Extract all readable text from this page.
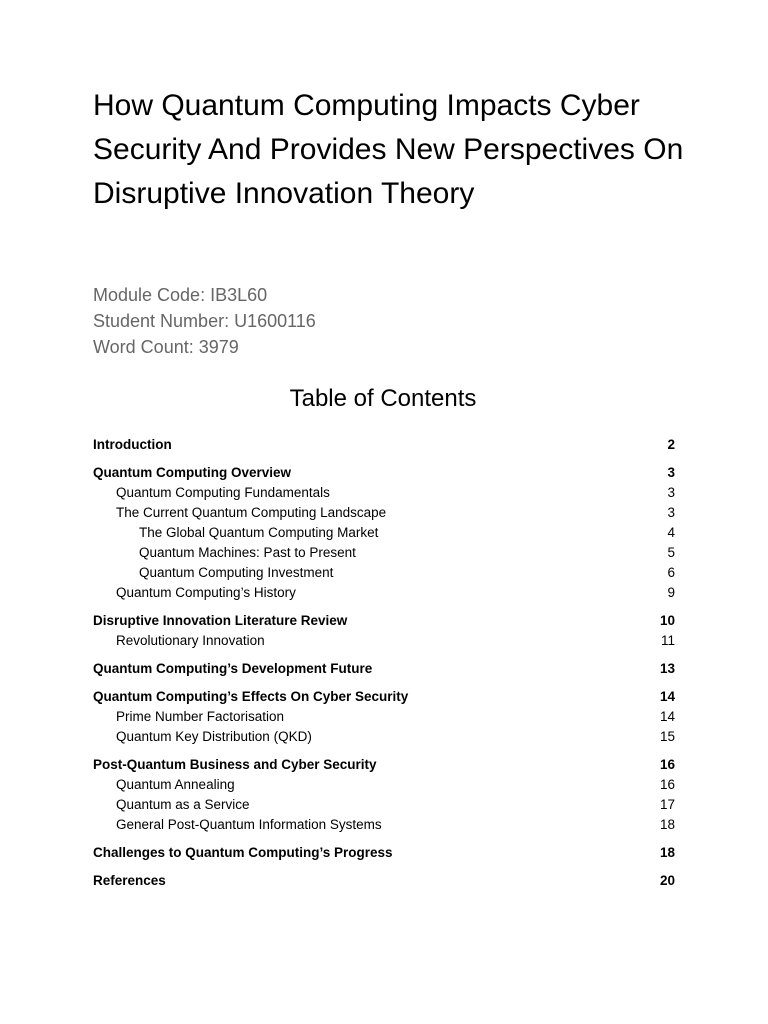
How Quantum Computing Impacts Cyber Security And Provides New Perspectives On Disruptive Innovation Theory

Module Code: IB3L60
Student Number: U1600116
Word Count: 3979

Table of Contents
Introduction	2
Quantum Computing Overview	3
Quantum Computing Fundamentals	3
The Current Quantum Computing Landscape	3
The Global Quantum Computing Market	4
Quantum Machines: Past to Present	5
Quantum Computing Investment	6
Quantum Computing’s History	9
Disruptive Innovation Literature Review	10
Revolutionary Innovation	11
Quantum Computing’s Development Future	13
Quantum Computing’s Effects On Cyber Security	14
Prime Number Factorisation	14
Quantum Key Distribution (QKD)	15
Post-Quantum Business and Cyber Security	16
Quantum Annealing	16
Quantum as a Service	17
General Post-Quantum Information Systems	18
Challenges to Quantum Computing’s Progress	18
References	20
